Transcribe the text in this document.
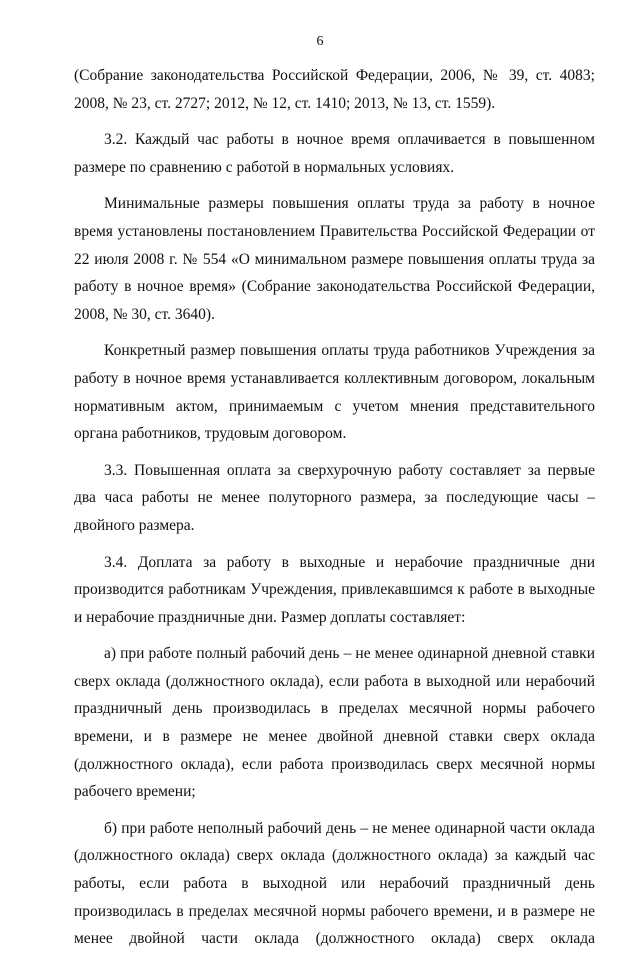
6

(Собрание законодательства Российской Федерации, 2006, № 39, ст. 4083; 2008, № 23, ст. 2727; 2012, № 12, ст. 1410; 2013, № 13, ст. 1559).

3.2. Каждый час работы в ночное время оплачивается в повышенном размере по сравнению с работой в нормальных условиях.

Минимальные размеры повышения оплаты труда за работу в ночное время установлены постановлением Правительства Российской Федерации от 22 июля 2008 г. № 554 «О минимальном размере повышения оплаты труда за работу в ночное время» (Собрание законодательства Российской Федерации, 2008, № 30, ст. 3640).

Конкретный размер повышения оплаты труда работников Учреждения за работу в ночное время устанавливается коллективным договором, локальным нормативным актом, принимаемым с учетом мнения представительного органа работников, трудовым договором.

3.3. Повышенная оплата за сверхурочную работу составляет за первые два часа работы не менее полуторного размера, за последующие часы – двойного размера.

3.4. Доплата за работу в выходные и нерабочие праздничные дни производится работникам Учреждения, привлекавшимся к работе в выходные и нерабочие праздничные дни. Размер доплаты составляет:

а) при работе полный рабочий день – не менее одинарной дневной ставки сверх оклада (должностного оклада), если работа в выходной или нерабочий праздничный день производилась в пределах месячной нормы рабочего времени, и в размере не менее двойной дневной ставки сверх оклада (должностного оклада), если работа производилась сверх месячной нормы рабочего времени;

б) при работе неполный рабочий день – не менее одинарной части оклада (должностного оклада) сверх оклада (должностного оклада) за каждый час работы, если работа в выходной или нерабочий праздничный день производилась в пределах месячной нормы рабочего времени, и в размере не менее двойной части оклада (должностного оклада) сверх оклада
